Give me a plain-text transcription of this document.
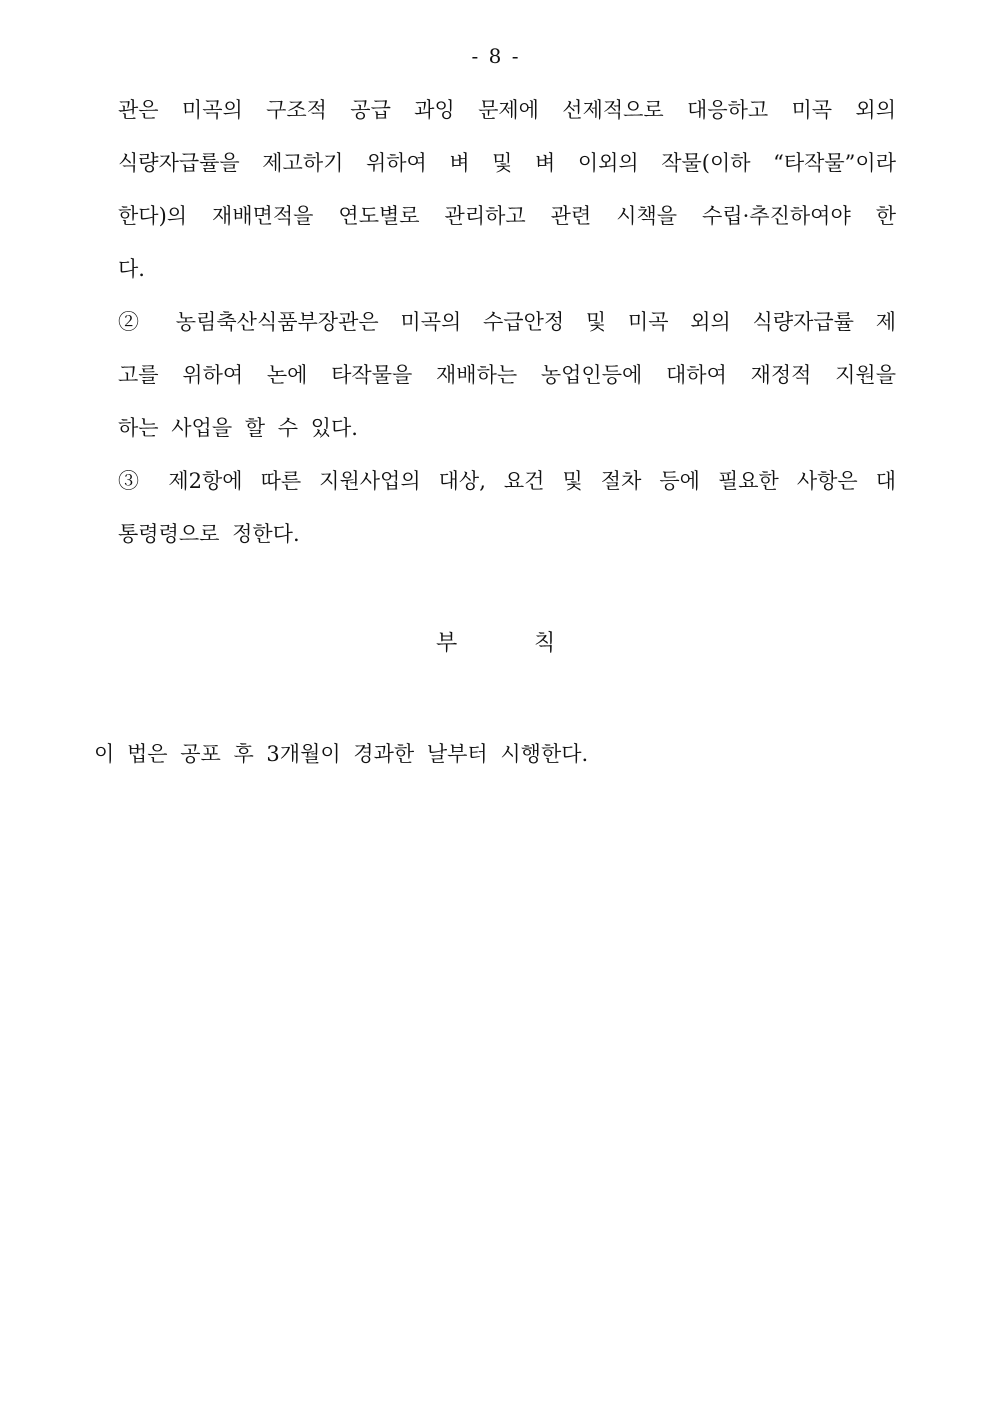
- 8 -
관은 미곡의 구조적 공급 과잉 문제에 선제적으로 대응하고 미곡 외의
식량자급률을 제고하기 위하여 벼 및 벼 이외의 작물(이하 “타작물”이라
한다)의 재배면적을 연도별로 관리하고 관련 시책을 수립·추진하여야 한
다.
② 농림축산식품부장관은 미곡의 수급안정 및 미곡 외의 식량자급률 제
고를 위하여 논에 타작물을 재배하는 농업인등에 대하여 재정적 지원을
하는 사업을 할 수 있다.
③ 제2항에 따른 지원사업의 대상, 요건 및 절차 등에 필요한 사항은 대
통령령으로 정한다.
부	칙
이 법은 공포 후 3개월이 경과한 날부터 시행한다.
